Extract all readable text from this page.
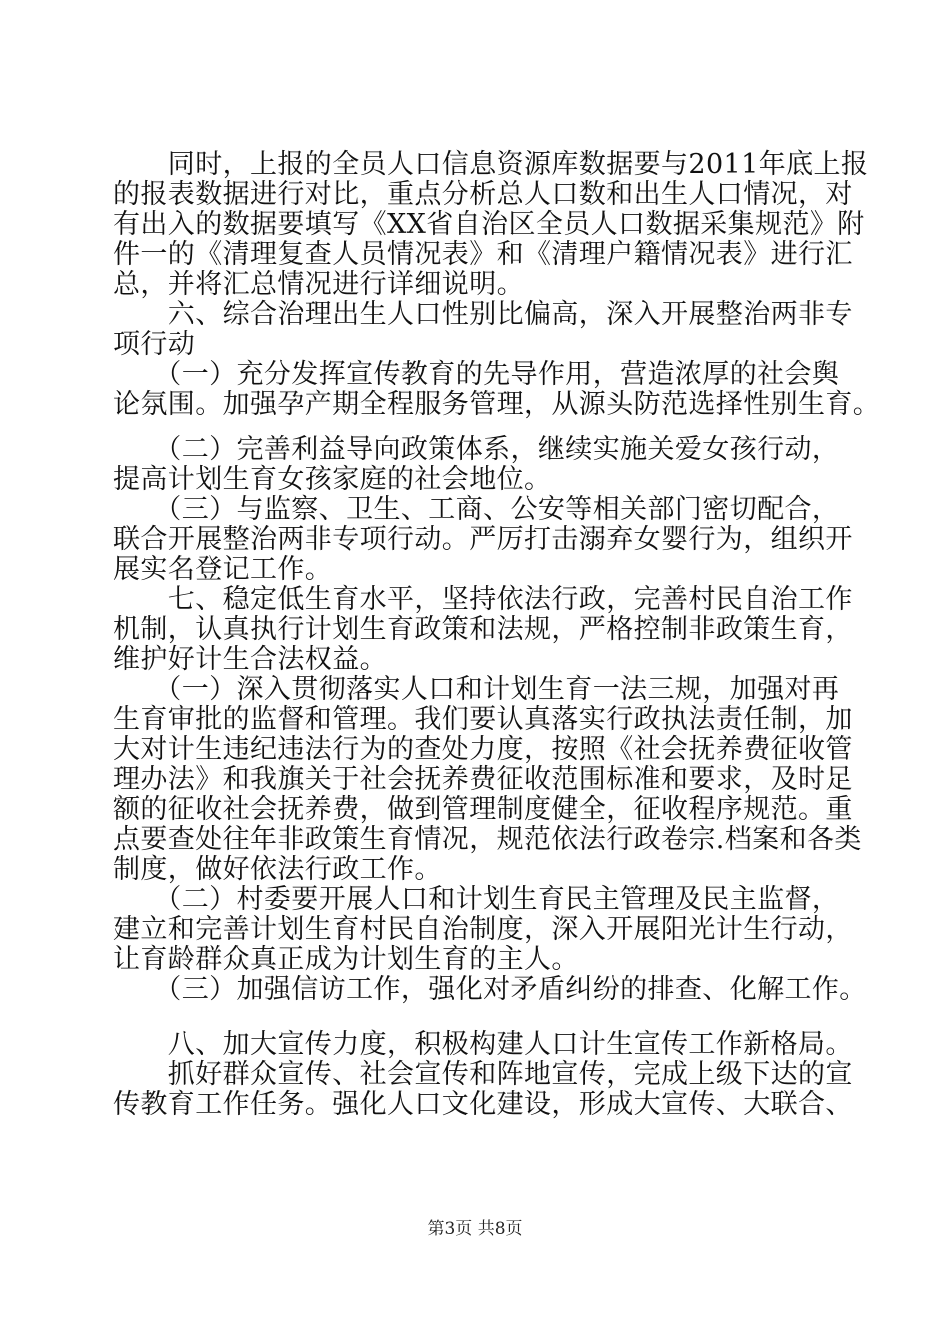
　　同时，上报的全员人口信息资源库数据要与2011年底上报
的报表数据进行对比，重点分析总人口数和出生人口情况，对
有出入的数据要填写《XX省自治区全员人口数据采集规范》附
件一的《清理复查人员情况表》和《清理户籍情况表》进行汇
总，并将汇总情况进行详细说明。
　　六、综合治理出生人口性别比偏高，深入开展整治两非专
项行动
　　（一）充分发挥宣传教育的先导作用，营造浓厚的社会舆
论氛围。加强孕产期全程服务管理，从源头防范选择性别生育。
　　（二）完善利益导向政策体系，继续实施关爱女孩行动，
提高计划生育女孩家庭的社会地位。
　　（三）与监察、卫生、工商、公安等相关部门密切配合，
联合开展整治两非专项行动。严厉打击溺弃女婴行为，组织开
展实名登记工作。
　　七、稳定低生育水平，坚持依法行政，完善村民自治工作
机制，认真执行计划生育政策和法规，严格控制非政策生育，
维护好计生合法权益。
　　（一）深入贯彻落实人口和计划生育一法三规，加强对再
生育审批的监督和管理。我们要认真落实行政执法责任制，加
大对计生违纪违法行为的查处力度，按照《社会抚养费征收管
理办法》和我旗关于社会抚养费征收范围标准和要求，及时足
额的征收社会抚养费，做到管理制度健全，征收程序规范。重
点要查处往年非政策生育情况，规范依法行政卷宗.档案和各类
制度，做好依法行政工作。
　　（二）村委要开展人口和计划生育民主管理及民主监督，
建立和完善计划生育村民自治制度，深入开展阳光计生行动，
让育龄群众真正成为计划生育的主人。
　　（三）加强信访工作，强化对矛盾纠纷的排查、化解工作。
　　八、加大宣传力度，积极构建人口计生宣传工作新格局。
　　抓好群众宣传、社会宣传和阵地宣传，完成上级下达的宣
传教育工作任务。强化人口文化建设，形成大宣传、大联合、
第3页 共8页
